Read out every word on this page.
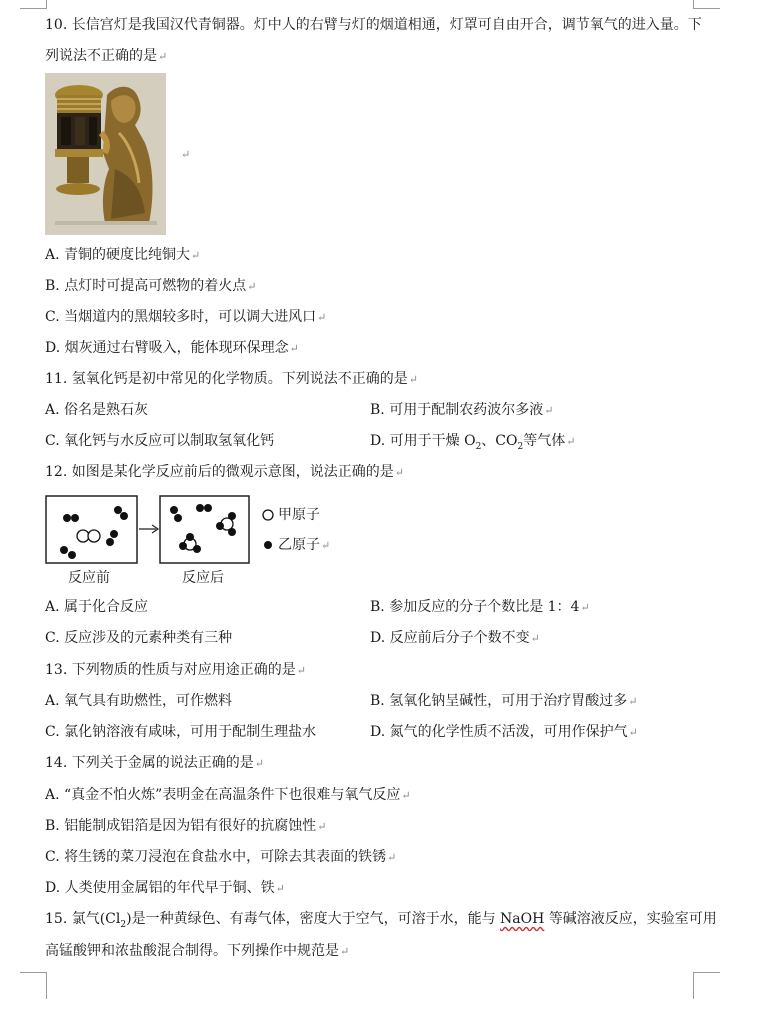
10. 长信宫灯是我国汉代青铜器。灯中人的右臂与灯的烟道相通，灯罩可自由开合，调节氧气的进入量。下
列说法不正确的是↵
↵
A. 青铜的硬度比纯铜大↵
B. 点灯时可提高可燃物的着火点↵
C. 当烟道内的黑烟较多时，可以调大进风口↵
D. 烟灰通过右臂吸入，能体现环保理念↵
11. 氢氧化钙是初中常见的化学物质。下列说法不正确的是↵
A. 俗名是熟石灰	B. 可用于配制农药波尔多液↵
C. 氧化钙与水反应可以制取氢氧化钙	D. 可用于干燥 $O_2$、$CO_2$等气体↵
12. 如图是某化学反应前后的微观示意图，说法正确的是↵
甲原子
乙原子↵
反应前	反应后
A. 属于化合反应	B. 参加反应的分子个数比是 1：4↵
C. 反应涉及的元素种类有三种	D. 反应前后分子个数不变↵
13. 下列物质的性质与对应用途正确的是↵
A. 氧气具有助燃性，可作燃料	B. 氢氧化钠呈碱性，可用于治疗胃酸过多↵
C. 氯化钠溶液有咸味，可用于配制生理盐水	D. 氮气的化学性质不活泼，可用作保护气↵
14. 下列关于金属的说法正确的是↵
A. “真金不怕火炼”表明金在高温条件下也很难与氧气反应↵
B. 铝能制成铝箔是因为铝有很好的抗腐蚀性↵
C. 将生锈的菜刀浸泡在食盐水中，可除去其表面的铁锈↵
D. 人类使用金属铝的年代早于铜、铁↵
15. 氯气$(Cl_2)$是一种黄绿色、有毒气体，密度大于空气，可溶于水，能与 NaOH 等碱溶液反应，实验室可用
高锰酸钾和浓盐酸混合制得。下列操作中规范是↵
